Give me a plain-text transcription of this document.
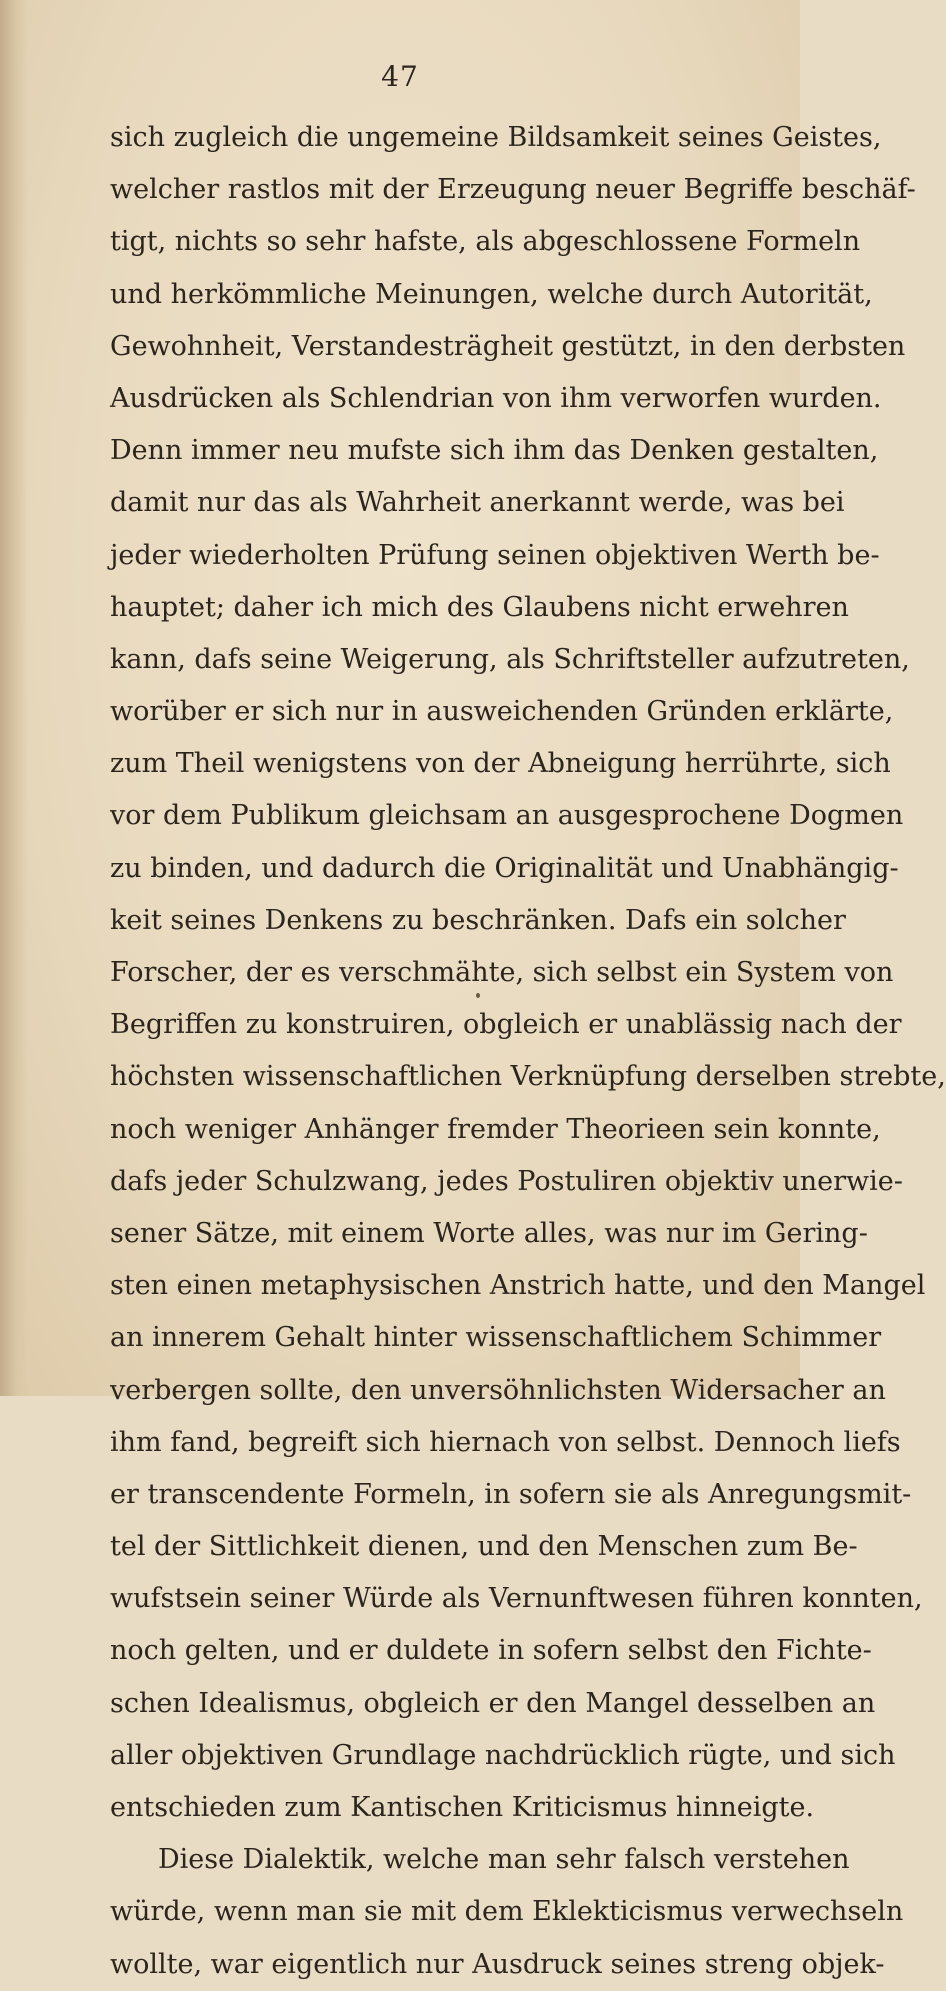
47
sich zugleich die ungemeine Bildsamkeit seines Geistes,
welcher rastlos mit der Erzeugung neuer Begriffe beschäf-
tigt, nichts so sehr hafste, als abgeschlossene Formeln
und herkömmliche Meinungen, welche durch Autorität,
Gewohnheit, Verstandesträgheit gestützt, in den derbsten
Ausdrücken als Schlendrian von ihm verworfen wurden.
Denn immer neu mufste sich ihm das Denken gestalten,
damit nur das als Wahrheit anerkannt werde, was bei
jeder wiederholten Prüfung seinen objektiven Werth be-
hauptet; daher ich mich des Glaubens nicht erwehren
kann, dafs seine Weigerung, als Schriftsteller aufzutreten,
worüber er sich nur in ausweichenden Gründen erklärte,
zum Theil wenigstens von der Abneigung herrührte, sich
vor dem Publikum gleichsam an ausgesprochene Dogmen
zu binden, und dadurch die Originalität und Unabhängig-
keit seines Denkens zu beschränken. Dafs ein solcher
Forscher, der es verschmähte, sich selbst ein System von
Begriffen zu konstruiren, obgleich er unablässig nach der
höchsten wissenschaftlichen Verknüpfung derselben strebte,
noch weniger Anhänger fremder Theorieen sein konnte,
dafs jeder Schulzwang, jedes Postuliren objektiv unerwie-
sener Sätze, mit einem Worte alles, was nur im Gering-
sten einen metaphysischen Anstrich hatte, und den Mangel
an innerem Gehalt hinter wissenschaftlichem Schimmer
verbergen sollte, den unversöhnlichsten Widersacher an
ihm fand, begreift sich hiernach von selbst. Dennoch liefs
er transcendente Formeln, in sofern sie als Anregungsmit-
tel der Sittlichkeit dienen, und den Menschen zum Be-
wufstsein seiner Würde als Vernunftwesen führen konnten,
noch gelten, und er duldete in sofern selbst den Fichte-
schen Idealismus, obgleich er den Mangel desselben an
aller objektiven Grundlage nachdrücklich rügte, und sich
entschieden zum Kantischen Kriticismus hinneigte.
Diese Dialektik, welche man sehr falsch verstehen
würde, wenn man sie mit dem Eklekticismus verwechseln
wollte, war eigentlich nur Ausdruck seines streng objek-
